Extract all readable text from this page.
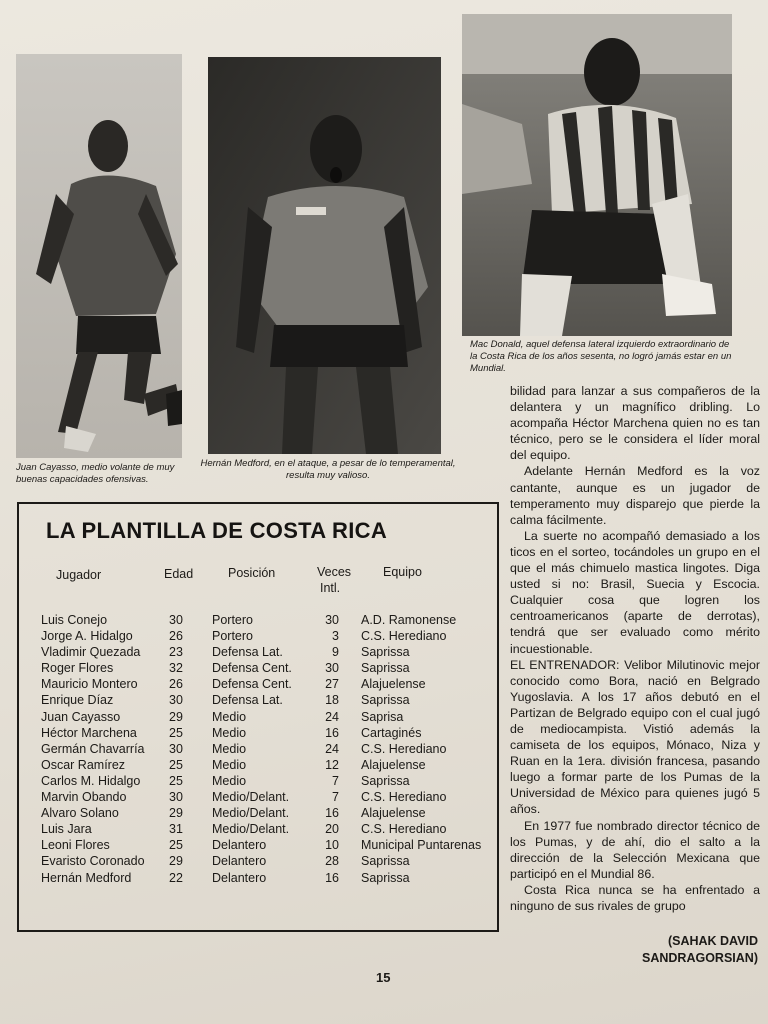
Juan Cayasso, medio volante de muy buenas capacidades ofensivas.
Hernán Medford, en el ataque, a pesar de lo temperamental, resulta muy valioso.
Mac Donald, aquel defensa lateral izquierdo extraordinario de la Costa Rica de los años sesenta, no logró jamás estar en un Mundial.
LA PLANTILLA DE COSTA RICA
Jugador	Edad	Posición	Veces
Intl.
Equipo
Luis Conejo	30 Portero	30 A.D. Ramonense
Jorge A. Hidalgo	26 Portero	3 C.S. Herediano
Vladimir Quezada 23 Defensa Lat.	9 Saprissa
Roger Flores	32 Defensa Cent.	30 Saprissa
Mauricio Montero	26 Defensa Cent.	27 Alajuelense
Enrique Díaz	30 Defensa Lat.	18 Saprissa
Juan Cayasso	29 Medio	24 Saprisa
Héctor Marchena	25 Medio	16 Cartaginés
Germán Chavarría 30 Medio	24 C.S. Herediano
Oscar Ramírez	25 Medio	12 Alajuelense
Carlos M. Hidalgo 25 Medio	7 Saprissa
Marvin Obando	30 Medio/Delant.	7 C.S. Herediano
Alvaro Solano	29 Medio/Delant.	16 Alajuelense
Luis Jara	31 Medio/Delant.	20 C.S. Herediano
Leoni Flores	25 Delantero	10 Municipal Puntarenas
Evaristo Coronado 29 Delantero	28 Saprissa
Hernán Medford	22 Delantero	16 Saprissa

bilidad para lanzar a sus compañeros de la delantera y un magnífico dribling. Lo acompaña Héctor Marchena quien no es tan técnico, pero se le considera el líder moral del equipo.

Adelante Hernán Medford es la voz cantante, aunque es un jugador de temperamento muy disparejo que pierde la calma fácilmente.

La suerte no acompañó demasiado a los ticos en el sorteo, tocándoles un grupo en el que el más chimuelo mastica lingotes. Diga usted si no: Brasil, Suecia y Escocia. Cualquier cosa que logren los centroamericanos (aparte de derrotas), tendrá que ser evaluado como mérito incuestionable.

EL ENTRENADOR: Velibor Milutinovic mejor conocido como Bora, nació en Belgrado Yugoslavia. A los 17 años debutó en el Partizan de Belgrado equipo con el cual jugó de mediocampista. Vistió además la camiseta de los equipos, Mónaco, Niza y Ruan en la 1era. división francesa, pasando luego a formar parte de los Pumas de la Universidad de México para quienes jugó 5 años.

En 1977 fue nombrado director técnico de los Pumas, y de ahí, dio el salto a la dirección de la Selección Mexicana que participó en el Mundial 86.

Costa Rica nunca se ha enfrentado a ninguno de sus rivales de grupo

(SAHAK DAVID
SANDRAGORSIAN)
15
